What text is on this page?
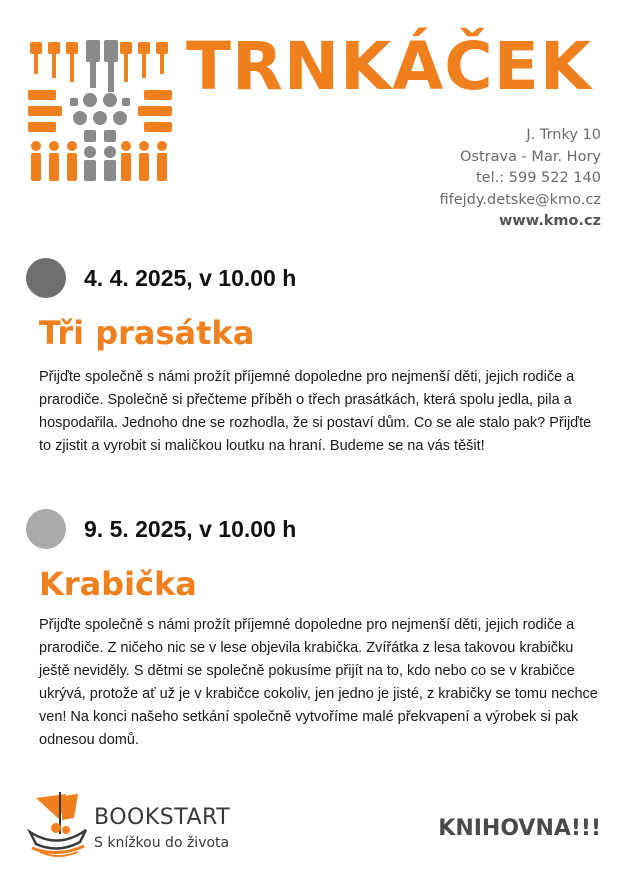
TRNKÁČEK
J. Trnky 10
Ostrava - Mar. Hory
tel.: 599 522 140
fifejdy.detske@kmo.cz
www.kmo.cz
4. 4. 2025, v 10.00 h
Tři prasátka

Přijďte společně s námi prožít příjemné dopoledne pro nejmenší děti, jejich rodiče a prarodiče. Společně si přečteme příběh o třech prasátkách, která spolu jedla, pila a hospodařila. Jednoho dne se rozhodla, že si postaví dům. Co se ale stalo pak? Přijďte to zjistit a vyrobit si maličkou loutku na hraní. Budeme se na vás těšit!

9. 5. 2025, v 10.00 h
Krabička

Přijďte společně s námi prožít příjemné dopoledne pro nejmenší děti, jejich rodiče a prarodiče. Z ničeho nic se v lese objevila krabička. Zvířátka z lesa takovou krabičku ještě neviděly. S dětmi se společně pokusíme přijít na to, kdo nebo co se v krabičce ukrývá, protože ať už je v krabičce cokoliv, jen jedno je jisté, z krabičky se tomu nechce ven! Na konci našeho setkání společně vytvoříme malé překvapení a výrobek si pak odnesou domů.

BOOKSTART
S knížkou do života
KNIHOVNA!!!
